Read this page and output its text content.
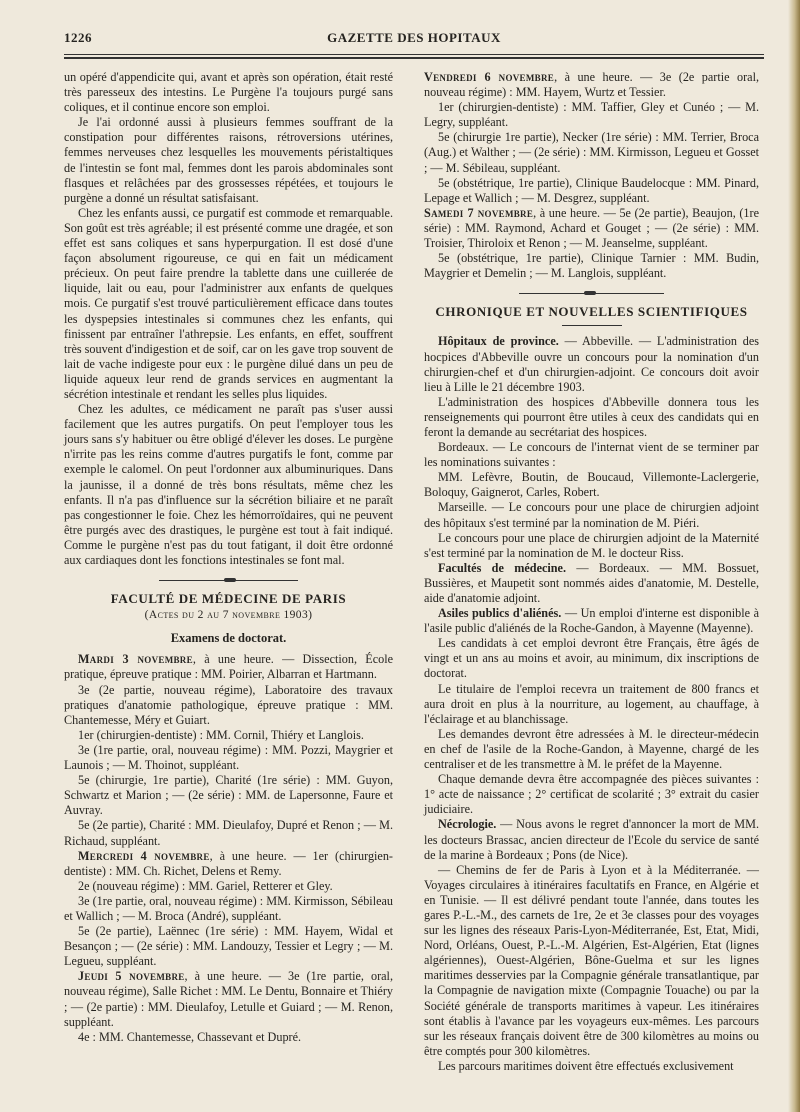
1226	GAZETTE DES HOPITAUX

un opéré d'appendicite qui, avant et après son opération, était resté très paresseux des intestins. Le Purgène l'a toujours purgé sans coliques, et il continue encore son emploi.

Je l'ai ordonné aussi à plusieurs femmes souffrant de la constipation pour différentes raisons, rétroversions utérines, femmes nerveuses chez lesquelles les mouvements péristaltiques de l'intestin se font mal, femmes dont les parois abdominales sont flasques et relâchées par des grossesses répétées, et toujours le purgène a donné un résultat satisfaisant.

Chez les enfants aussi, ce purgatif est commode et remarquable. Son goût est très agréable; il est présenté comme une dragée, et son effet est sans coliques et sans hyperpurgation. Il est dosé d'une façon absolument rigoureuse, ce qui en fait un médicament précieux. On peut faire prendre la tablette dans une cuillerée de liquide, lait ou eau, pour l'administrer aux enfants de quelques mois. Ce purgatif s'est trouvé particulièrement efficace dans toutes les dyspepsies intestinales si communes chez les enfants, qui finissent par entraîner l'athrepsie. Les enfants, en effet, souffrent très souvent d'indigestion et de soif, car on les gave trop souvent de lait de vache indigeste pour eux : le purgène dilué dans un peu de liquide aqueux leur rend de grands services en augmentant la sécrétion intestinale et rendant les selles plus liquides.

Chez les adultes, ce médicament ne paraît pas s'user aussi facilement que les autres purgatifs. On peut l'employer tous les jours sans s'y habituer ou être obligé d'élever les doses. Le purgène n'irrite pas les reins comme d'autres purgatifs le font, comme par exemple le calomel. On peut l'ordonner aux albuminuriques. Dans la jaunisse, il a donné de très bons résultats, même chez les enfants. Il n'a pas d'influence sur la sécrétion biliaire et ne paraît pas congestionner le foie. Chez les hémorroïdaires, qui ne peuvent être purgés avec des drastiques, le purgène est tout à fait indiqué. Comme le purgène n'est pas du tout fatigant, il doit être ordonné aux cardiaques dont les fonctions intestinales se font mal.

FACULTÉ DE MÉDECINE DE PARIS
(Actes du 2 au 7 novembre 1903)
Examens de doctorat.

Mardi 3 novembre, à une heure. — Dissection, École pratique, épreuve pratique : MM. Poirier, Albarran et Hartmann.

3e (2e partie, nouveau régime), Laboratoire des travaux pratiques d'anatomie pathologique, épreuve pratique : MM. Chantemesse, Méry et Guiart.

1er (chirurgien-dentiste) : MM. Cornil, Thiéry et Langlois.

3e (1re partie, oral, nouveau régime) : MM. Pozzi, Maygrier et Launois ; — M. Thoinot, suppléant.

5e (chirurgie, 1re partie), Charité (1re série) : MM. Guyon, Schwartz et Marion ; — (2e série) : MM. de Lapersonne, Faure et Auvray.

5e (2e partie), Charité : MM. Dieulafoy, Dupré et Renon ; — M. Richaud, suppléant.

Mercredi 4 novembre, à une heure. — 1er (chirurgien-dentiste) : MM. Ch. Richet, Delens et Remy.

2e (nouveau régime) : MM. Gariel, Retterer et Gley.

3e (1re partie, oral, nouveau régime) : MM. Kirmisson, Sébileau et Wallich ; — M. Broca (André), suppléant.

5e (2e partie), Laënnec (1re série) : MM. Hayem, Widal et Besançon ; — (2e série) : MM. Landouzy, Tessier et Legry ; — M. Legueu, suppléant.

Jeudi 5 novembre, à une heure. — 3e (1re partie, oral, nouveau régime), Salle Richet : MM. Le Dentu, Bonnaire et Thiéry ; — (2e partie) : MM. Dieulafoy, Letulle et Guiard ; — M. Renon, suppléant.

4e : MM. Chantemesse, Chassevant et Dupré.

Vendredi 6 novembre, à une heure. — 3e (2e partie oral, nouveau régime) : MM. Hayem, Wurtz et Tessier.

1er (chirurgien-dentiste) : MM. Taffier, Gley et Cunéo ; — M. Legry, suppléant.

5e (chirurgie 1re partie), Necker (1re série) : MM. Terrier, Broca (Aug.) et Walther ; — (2e série) : MM. Kirmisson, Legueu et Gosset ; — M. Sébileau, suppléant.

5e (obstétrique, 1re partie), Clinique Baudelocque : MM. Pinard, Lepage et Wallich ; — M. Desgrez, suppléant.

Samedi 7 novembre, à une heure. — 5e (2e partie), Beaujon, (1re série) : MM. Raymond, Achard et Gouget ; — (2e série) : MM. Troisier, Thiroloix et Renon ; — M. Jeanselme, suppléant.

5e (obstétrique, 1re partie), Clinique Tarnier : MM. Budin, Maygrier et Demelin ; — M. Langlois, suppléant.

CHRONIQUE ET NOUVELLES SCIENTIFIQUES

Hôpitaux de province. — Abbeville. — L'administration des hocpices d'Abbeville ouvre un concours pour la nomination d'un chirurgien-chef et d'un chirurgien-adjoint. Ce concours doit avoir lieu à Lille le 21 décembre 1903.

L'administration des hospices d'Abbeville donnera tous les renseignements qui pourront être utiles à ceux des candidats qui en feront la demande au secrétariat des hospices.

Bordeaux. — Le concours de l'internat vient de se terminer par les nominations suivantes :

MM. Lefèvre, Boutin, de Boucaud, Villemonte-Laclergerie, Boloquy, Gaignerot, Carles, Robert.

Marseille. — Le concours pour une place de chirurgien adjoint des hôpitaux s'est terminé par la nomination de M. Piéri.

Le concours pour une place de chirurgien adjoint de la Maternité s'est terminé par la nomination de M. le docteur Riss.

Facultés de médecine. — Bordeaux. — MM. Bossuet, Bussières, et Maupetit sont nommés aides d'anatomie, M. Destelle, aide d'anatomie adjoint.

Asiles publics d'aliénés. — Un emploi d'interne est disponible à l'asile public d'aliénés de la Roche-Gandon, à Mayenne (Mayenne).

Les candidats à cet emploi devront être Français, être âgés de vingt et un ans au moins et avoir, au minimum, dix inscriptions de doctorat.

Le titulaire de l'emploi recevra un traitement de 800 francs et aura droit en plus à la nourriture, au logement, au chauffage, à l'éclairage et au blanchissage.

Les demandes devront être adressées à M. le directeur-médecin en chef de l'asile de la Roche-Gandon, à Mayenne, chargé de les centraliser et de les transmettre à M. le préfet de la Mayenne.

Chaque demande devra être accompagnée des pièces suivantes : 1° acte de naissance ; 2° certificat de scolarité ; 3° extrait du casier judiciaire.

Nécrologie. — Nous avons le regret d'annoncer la mort de MM. les docteurs Brassac, ancien directeur de l'Ecole du service de santé de la marine à Bordeaux ; Pons (de Nice).

— Chemins de fer de Paris à Lyon et à la Méditerranée. — Voyages circulaires à itinéraires facultatifs en France, en Algérie et en Tunisie. — Il est délivré pendant toute l'année, dans toutes les gares P.-L.-M., des carnets de 1re, 2e et 3e classes pour des voyages sur les lignes des réseaux Paris-Lyon-Méditerranée, Est, Etat, Midi, Nord, Orléans, Ouest, P.-L.-M. Algérien, Est-Algérien, Etat (lignes algériennes), Ouest-Algérien, Bône-Guelma et sur les lignes maritimes desservies par la Compagnie générale transatlantique, par la Compagnie de navigation mixte (Compagnie Touache) ou par la Société générale de transports maritimes à vapeur. Les itinéraires sont établis à l'avance par les voyageurs eux-mêmes. Les parcours sur les réseaux français doivent être de 300 kilomètres au moins ou être comptés pour 300 kilomètres.

Les parcours maritimes doivent être effectués exclusivement
